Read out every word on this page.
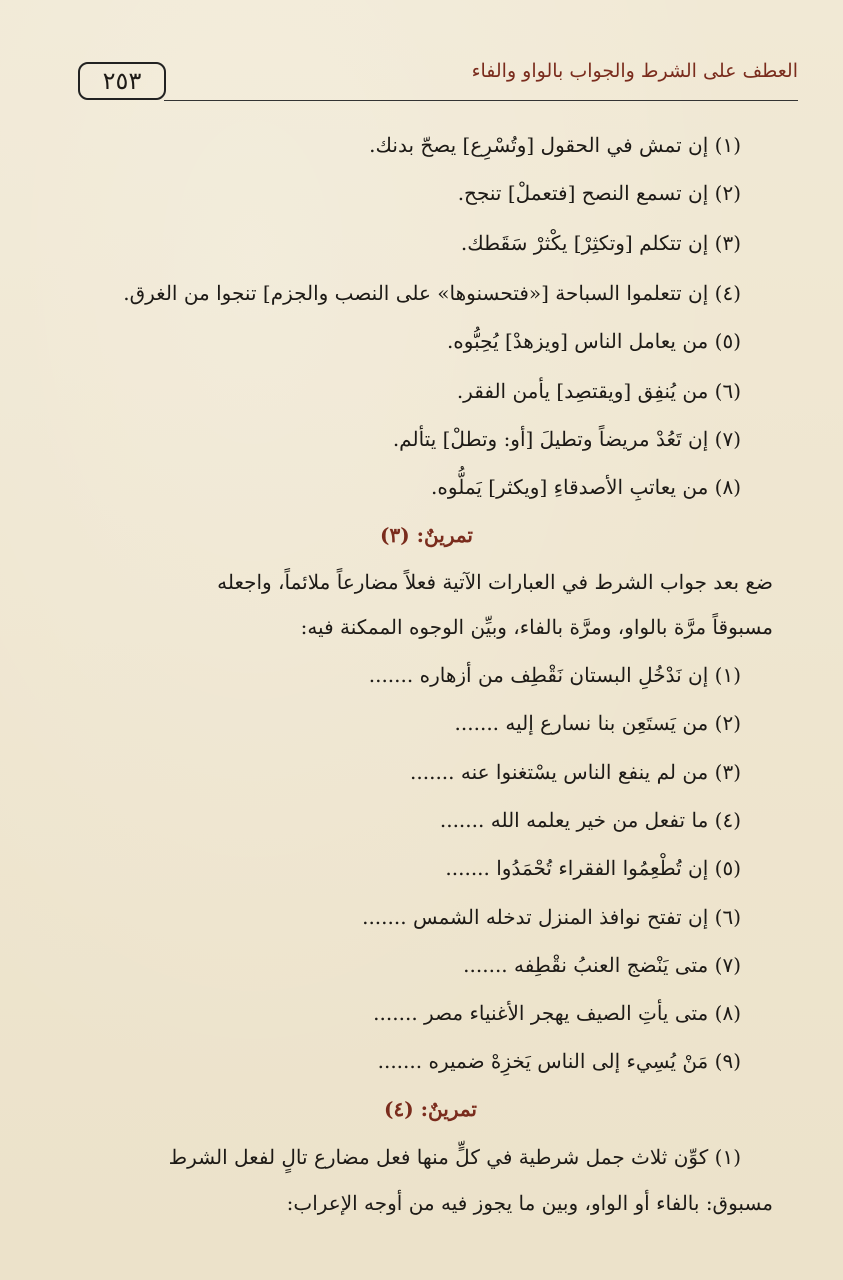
٢٥٣	العطف على الشرط والجواب بالواو والفاء
(١) إن تمش في الحقول [وتُسْرِع] يصحّ بدنك.
(٢) إن تسمع النصح [فتعملْ] تنجح.
(٣) إن تتكلم [وتكثِرْ] يكْثرْ سَقَطك.
(٤) إن تتعلموا السباحة [«فتحسنوها» على النصب والجزم] تنجوا من الغرق.
(٥) من يعامل الناس [ويزهدْ] يُحِبُّوه.
(٦) من يُنفِق [ويقتصِد] يأمن الفقر.
(٧) إن تَعُدْ مريضاً وتطيلَ [أو: وتطلْ] يتألم.
(٨) من يعاتبِ الأصدقاءِ [ويكثر] يَملُّوه.
تمرينٌ: (٣)
ضع بعد جواب الشرط في العبارات الآتية فعلاً مضارعاً ملائماً، واجعله
مسبوقاً مرَّة بالواو، ومرَّة بالفاء، وبيِّن الوجوه الممكنة فيه:
(١) إن نَدْخُلِ البستان نَقْطِف من أزهاره .......
(٢) من يَستَعِن بنا نسارع إليه .......
(٣) من لم ينفع الناس يسْتغنوا عنه .......
(٤) ما تفعل من خير يعلمه الله .......
(٥) إن تُطْعِمُوا الفقراء تُحْمَدُوا .......
(٦) إن تفتح نوافذ المنزل تدخله الشمس .......
(٧) متى يَنْضج العنبُ نقْطِفه .......
(٨) متى يأتِ الصيف يهجر الأغنياء مصر .......
(٩) مَنْ يُسِيء إلى الناس يَخزِهْ ضميره .......
تمرينٌ: (٤)
(١) كوِّن ثلاث جمل شرطية في كلٍّ منها فعل مضارع تالٍ لفعل الشرط
مسبوق: بالفاء أو الواو، وبين ما يجوز فيه من أوجه الإعراب:
